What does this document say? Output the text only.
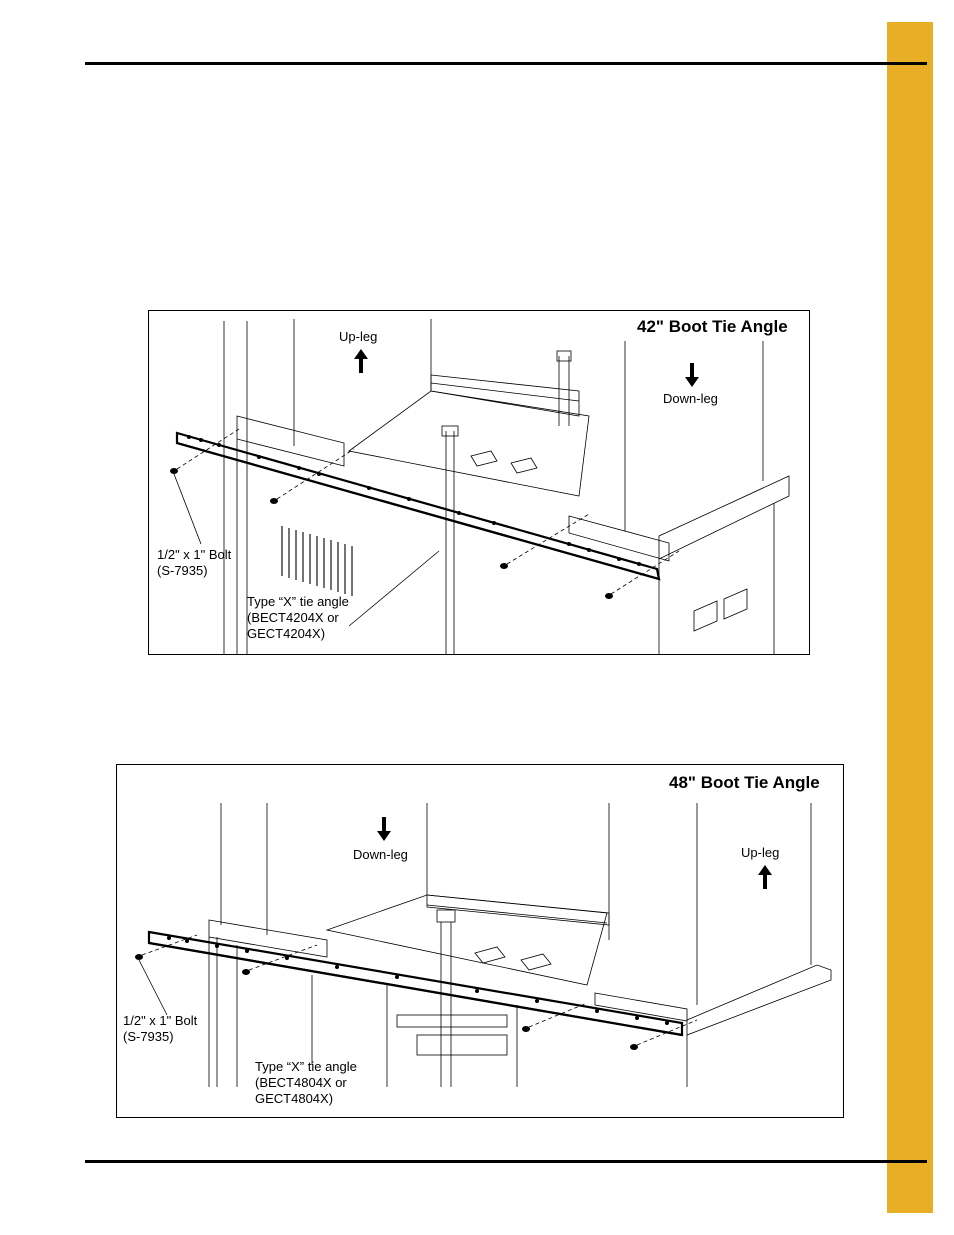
42" Boot Tie Angle
Up-leg
Down-leg
1/2" x 1" Bolt
(S-7935)
Type “X” tie angle
(BECT4204X or
GECT4204X)
48" Boot Tie Angle
Down-leg	Up-leg
1/2" x 1" Bolt
(S-7935)
Type “X” tie angle
(BECT4804X or
GECT4804X)
